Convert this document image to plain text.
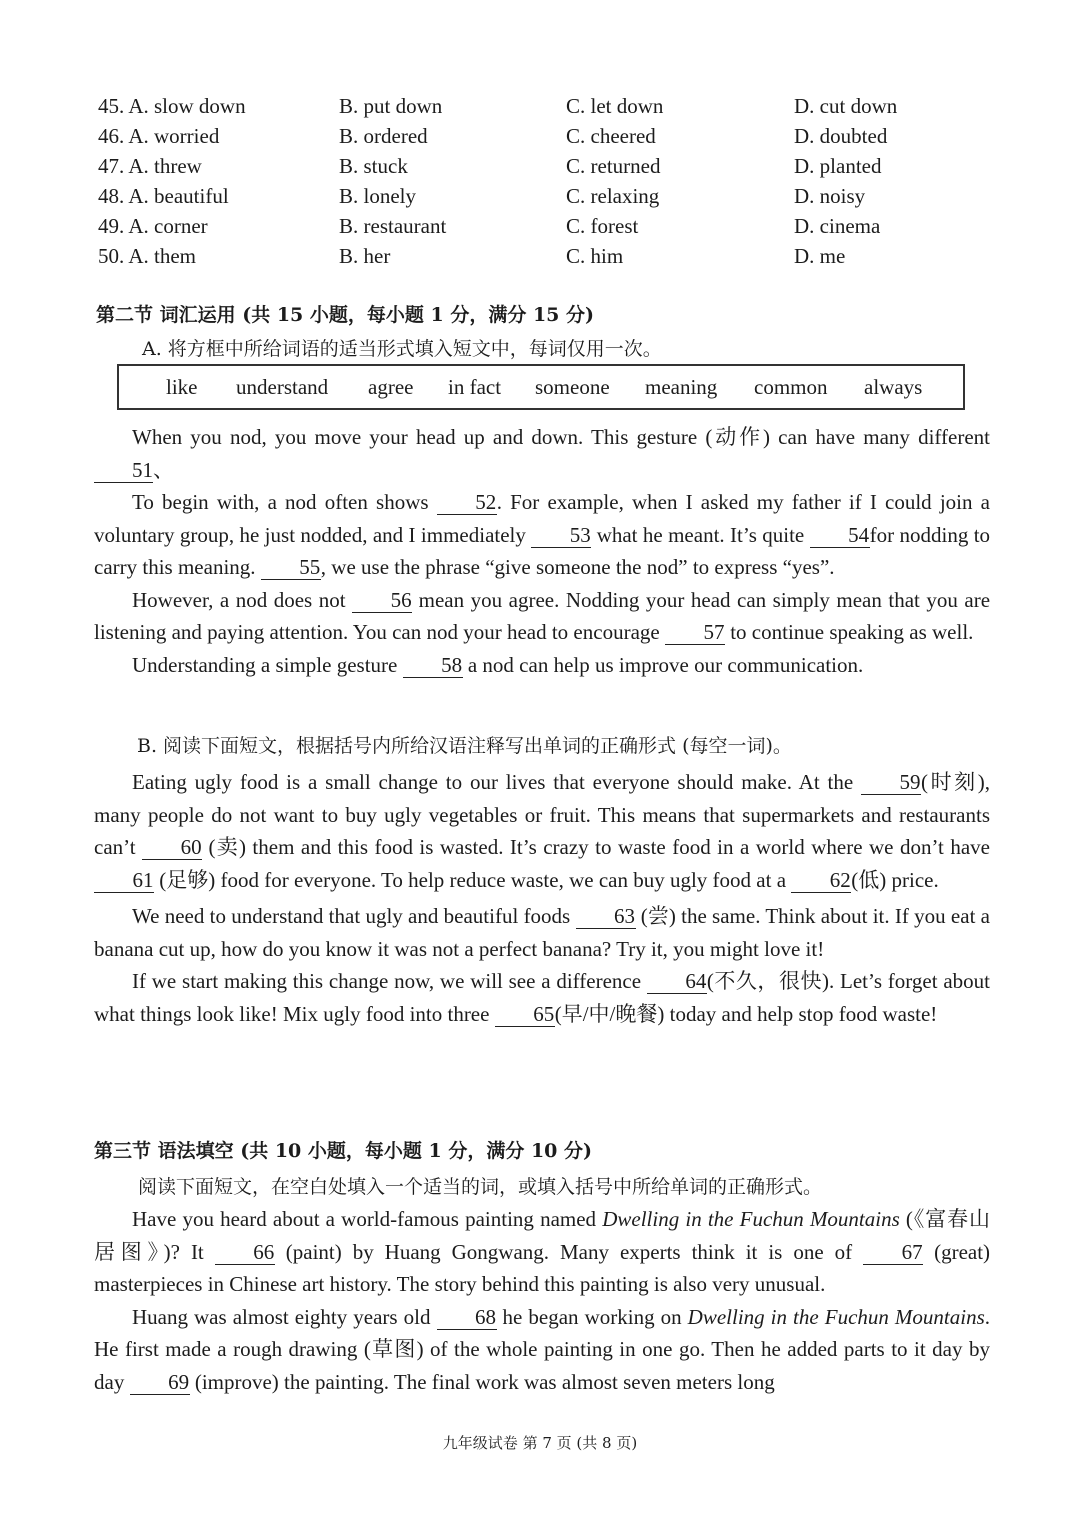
45. A. slow down	B. put down	C. let down	D. cut down
46. A. worried	B. ordered	C. cheered	D. doubted
47. A. threw	B. stuck	C. returned	D. planted
48. A. beautiful	B. lonely	C. relaxing	D. noisy
49. A. corner	B. restaurant	C. forest	D. cinema
50. A. them	B. her	C. him	D. me
第二节 词汇运用 (共 15 小题，每小题 1 分，满分 15 分)
A. 将方框中所给词语的适当形式填入短文中，每词仅用一次。
like understand agree in fact someone meaning common always

When you nod, you move your head up and down. This gesture (动作) can have many different 51、

To begin with, a nod often shows 52. For example, when I asked my father if I could join a voluntary group, he just nodded, and I immediately 53 what he meant. It’s quite 54for nodding to carry this meaning. 55, we use the phrase “give someone the nod” to express “yes”.

However, a nod does not 56 mean you agree. Nodding your head can simply mean that you are listening and paying attention. You can nod your head to encourage 57 to continue speaking as well.

Understanding a simple gesture 58 a nod can help us improve our communication.

B. 阅读下面短文，根据括号内所给汉语注释写出单词的正确形式 (每空一词)。

Eating ugly food is a small change to our lives that everyone should make. At the 59(时刻), many people do not want to buy ugly vegetables or fruit. This means that supermarkets and restaurants can’t 60 (卖) them and this food is wasted. It’s crazy to waste food in a world where we don’t have 61 (足够) food for everyone. To help reduce waste, we can buy ugly food at a 62(低) price.

We need to understand that ugly and beautiful foods 63 (尝) the same. Think about it. If you eat a banana cut up, how do you know it was not a perfect banana? Try it, you might love it!

If we start making this change now, we will see a difference 64(不久，很快). Let’s forget about what things look like! Mix ugly food into three 65(早/中/晚餐) today and help stop food waste!

第三节 语法填空 (共 10 小题，每小题 1 分，满分 10 分)
阅读下面短文，在空白处填入一个适当的词，或填入括号中所给单词的正确形式。

Have you heard about a world-famous painting named Dwelling in the Fuchun Mountains (《富春山居图》)? It 66 (paint) by Huang Gongwang. Many experts think it is one of 67 (great) masterpieces in Chinese art history. The story behind this painting is also very unusual.

Huang was almost eighty years old 68 he began working on Dwelling in the Fuchun Mountains. He first made a rough drawing (草图) of the whole painting in one go. Then he added parts to it day by day 69 (improve) the painting. The final work was almost seven meters long

九年级试卷 第 7 页 (共 8 页)
